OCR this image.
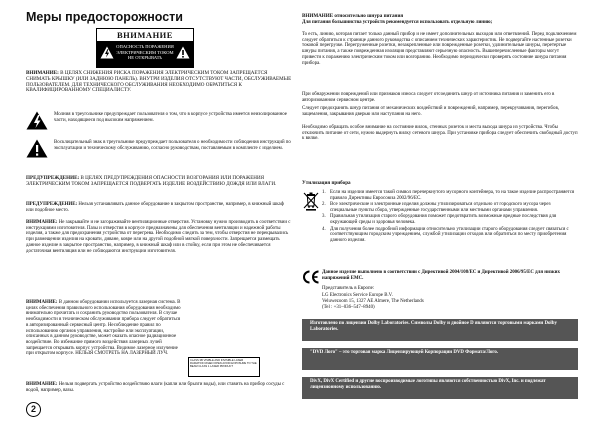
Меры предосторожности
ВНИМАНИЕ
ОПАСНОСТЬ ПОРАЖЕНИЯ ЭЛЕКТРИЧЕСКИМ ТОКОМ НЕ ОТКРЫВАТЬ

ВНИМАНИЕ: В ЦЕЛЯХ СНИЖЕНИЯ РИСКА ПОРАЖЕНИЯ ЭЛЕКТРИЧЕСКИМ ТОКОМ ЗАПРЕЩАЕТСЯ СНИМАТЬ КРЫШКУ (ИЛИ ЗАДНЮЮ ПАНЕЛЬ). ВНУТРИ ИЗДЕЛИЯ ОТСУТСТВУЮТ ЧАСТИ, ОБСЛУЖИВАЕМЫЕ ПОЛЬЗОВАТЕЛЕМ. ДЛЯ ТЕХНИЧЕСКОГО ОБСЛУЖИВАНИЯ НЕОБХОДИМО ОБРАТИТЬСЯ К КВАЛИФИЦИРОВАННОМУ СПЕЦИАЛИСТУ.

Молния в треугольнике предупреждает пользователя о том, что в корпусе устройства имеется неизолированное части, находящиеся под высоким напряжением.

Восклицательный знак в треугольнике предупреждает пользователя о необходимости соблюдения инструкций по эксплуатации и техническому обслуживанию, согласно руководствам, поставляемым в комплекте с изделием.

ПРЕДУПРЕЖДЕНИЕ: В ЦЕЛЯХ ПРЕДУПРЕЖДЕНИЯ ОПАСНОСТИ ВОЗГОРАНИЯ ИЛИ ПОРАЖЕНИЯ ЭЛЕКТРИЧЕСКИМ ТОКОМ ЗАПРЕЩАЕТСЯ ПОДВЕРГАТЬ ИЗДЕЛИЕ ВОЗДЕЙСТВИЮ ДОЖДЯ ИЛИ ВЛАГИ.

ПРЕДУПРЕЖДЕНИЕ: Нельзя устанавливать данное оборудование в закрытом пространстве, например, в книжный шкаф или подобное место.

ВНИМАНИЕ: Не закрывайте и не загораживайте вентиляционные отверстия. Установку нужно производить в соответствии с инструкциями изготовителя. Пазы и отверстия в корпусе предназначены для обеспечения вентиляции и надежной работы изделия, а также для предохранения устройства от перегрева. Необходимо следить за тем, чтобы отверстия не перекрывались при размещении изделия на кровати, диване, ковре или на другой подобной мягкой поверхности. Запрещается размещать данное изделие в закрытое пространство, например, в книжный шкаф или в стойку, если при этом не обеспечивается достаточная вентиляция или не соблюдаются инструкции изготовителя.

ВНИМАНИЕ: В данном оборудовании используется лазерная система. В целях обеспечения правильного использования оборудования необходимо внимательно прочитать и сохранить руководство пользователя. В случае необходимости в техническом обслуживании прибора следует обратиться в авторизированный сервисный центр. Несоблюдение правил по использованию органов управления, настройке или эксплуатации, описанных в данном руководстве, может оказать опасное радиационное воздействие. Во избежание прямого воздействия лазерных лучей запрещается открывать корпус устройства. Видимое лазерное излучение при открытом корпусе. НЕЛЬЗЯ СМОТРЕТЬ НА ЛАЗЕРНЫЙ ЛУЧ.

CLASS 3B VISIBLE AND INVISIBLE LASER RADIATION WHEN OPEN AVOID EXPOSURE TO THE BEAM CLASS 1 LASER PRODUCT

ВНИМАНИЕ: Нельзя подвергать устройство воздействию влаги (капли или брызги воды), или ставить на прибор сосуды с водой, например, вазы.

2

ВНИМАНИЕ относительно шнура питания

Для питания большинства устройств рекомендуется использовать отдельную линию;

То есть, линию, которая питает только данный прибор и не имеет дополнительных выходов или ответвлений. Перед подключением следует обратиться к странице данного руководства с описанием технических характеристик. Не подвергайте настенные розетки токовой перегрузке. Перегруженные розетки, незакрепленные или поврежденные розетки, удлинительные шнуры, перетертые шнуры питания, а также поврежденная изоляция представляют серьезную опасность. Вышеперечисленные факторы могут привести к поражению электрическим током или возгоранию. Необходимо периодически проверять состояние шнура питания прибора.

При обнаружении повреждений или признаков износа следует отсоединить шнур от источника питания и заменить его в авторизованном сервисном центре.

Следует предохранять шнур питания от механических воздействий и повреждений, например, перекручивания, перегибов, защемления, закрывания дверью или наступания на него.

Необходимо обращать особое внимание на состояние вилок, стенных розеток и места выхода шнура из устройства. Чтобы отключить питание от сети, нужно выдернуть вилку сетевого шнура. При установке прибора следует обеспечить свободный доступ к вилке.

Утилизация прибора

1. Если на изделии имеется такой символ перечеркнутого мусорного контейнера, то на такое изделие распространяется правило Директивы Евросоюза 2002/96/EC.
2. Все электрические и электронные изделия должны утилизироваться отдельно от городского мусора через специальные пункты сбора, утвержденные государственными или местными органами управления.
3. Правильная утилизация старого оборудования поможет предотвратить возможные вредные последствия для окружающей среды и здоровья человека.
4. Для получения более подробной информации относительно утилизации старого оборудования следует связаться с соответствующим городским учреждением, службой утилизации отходов или обратиться по месту приобретения данного изделия.

Данное изделие выполнено в соответствии с Директивой 2004/108/EC и Директивой 2006/95/EC для низких напряжений EMC.

Представитель в Европе:

LG Electronics Service Europe B.V.

Veluwezoom 15, 1327 AE Almere, The Netherlands

(Tel : +31–036–547–8940)

Изготовлено по лицензии Dolby Laboratories. Символы Dolby и двойное D являются торговыми марками Dolby Laboratories.
"DVD Лого" – это торговая марка Лицензирующей Корпорации DVD Формата/Лого.
DivX, DivX Certified и другие воспроизводимые логотипы являются собственностью DivX, Inc. и подлежат лицензионному использованию.
